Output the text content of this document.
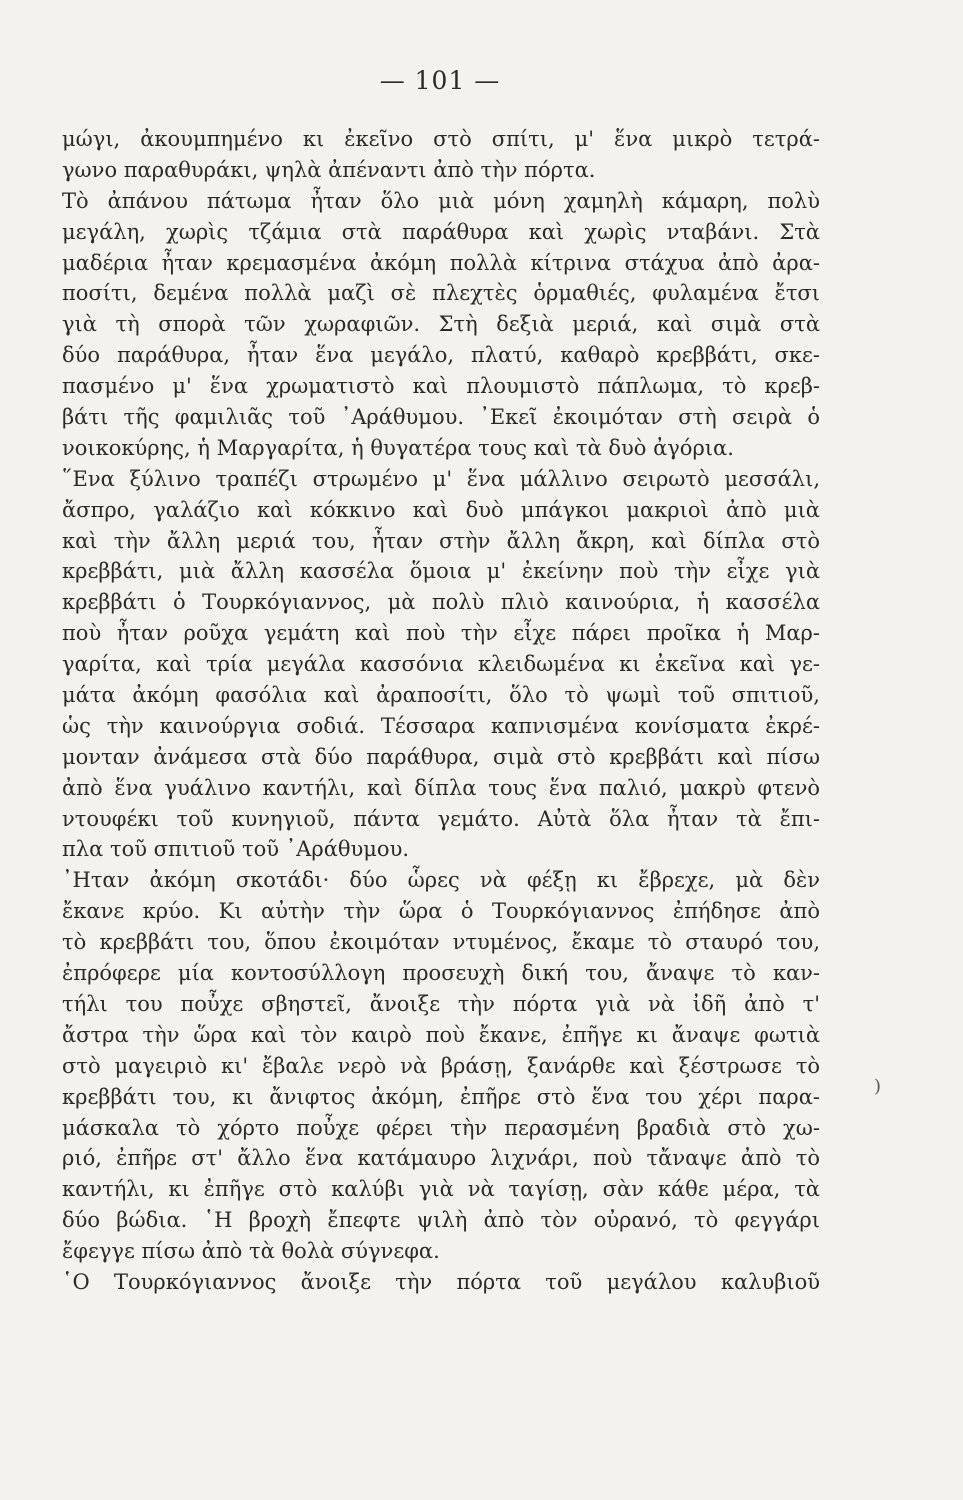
— 101 —
μώγι, ἀκουμπημένο κι ἐκεῖνο στὸ σπίτι, μ' ἕνα μικρὸ τετρά-
γωνο παραθυράκι, ψηλὰ ἀπέναντι ἀπὸ τὴν πόρτα.
Τὸ ἀπάνου πάτωμα ἦταν ὅλο μιὰ μόνη χαμηλὴ κάμαρη, πολὺ
μεγάλη, χωρὶς τζάμια στὰ παράθυρα καὶ χωρὶς νταβάνι. Στὰ
μαδέρια ἦταν κρεμασμένα ἀκόμη πολλὰ κίτρινα στάχυα ἀπὸ ἀρα-
ποσίτι, δεμένα πολλὰ μαζὶ σὲ πλεχτὲς ὁρμαθιές, φυλαμένα ἔτσι
γιὰ τὴ σπορὰ τῶν χωραφιῶν. Στὴ δεξιὰ μεριά, καὶ σιμὰ στὰ
δύο παράθυρα, ἦταν ἕνα μεγάλο, πλατύ, καθαρὸ κρεββάτι, σκε-
πασμένο μ' ἕνα χρωματιστὸ καὶ πλουμιστὸ πάπλωμα, τὸ κρεβ-
βάτι τῆς φαμιλιᾶς τοῦ ᾽Αράθυμου. ᾽Εκεῖ ἐκοιμόταν στὴ σειρὰ ὁ
νοικοκύρης, ἡ Μαργαρίτα, ἡ θυγατέρα τους καὶ τὰ δυὸ ἀγόρια.
῞Ενα ξύλινο τραπέζι στρωμένο μ' ἕνα μάλλινο σειρωτὸ μεσσάλι,
ἄσπρο, γαλάζιο καὶ κόκκινο καὶ δυὸ μπάγκοι μακριοὶ ἀπὸ μιὰ
καὶ τὴν ἄλλη μεριά του, ἦταν στὴν ἄλλη ἄκρη, καὶ δίπλα στὸ
κρεββάτι, μιὰ ἄλλη κασσέλα ὅμοια μ' ἐκείνην ποὺ τὴν εἶχε γιὰ
κρεββάτι ὁ Τουρκόγιαννος, μὰ πολὺ πλιὸ καινούρια, ἡ κασσέλα
ποὺ ἦταν ροῦχα γεμάτη καὶ ποὺ τὴν εἶχε πάρει προῖκα ἡ Μαρ-
γαρίτα, καὶ τρία μεγάλα κασσόνια κλειδωμένα κι ἐκεῖνα καὶ γε-
μάτα ἀκόμη φασόλια καὶ ἀραποσίτι, ὅλο τὸ ψωμὶ τοῦ σπιτιοῦ,
ὡς τὴν καινούργια σοδιά. Τέσσαρα καπνισμένα κονίσματα ἐκρέ-
μονταν ἀνάμεσα στὰ δύο παράθυρα, σιμὰ στὸ κρεββάτι καὶ πίσω
ἀπὸ ἕνα γυάλινο καντήλι, καὶ δίπλα τους ἕνα παλιό, μακρὺ φτενὸ
ντουφέκι τοῦ κυνηγιοῦ, πάντα γεμάτο. Αὐτὰ ὅλα ἦταν τὰ ἔπι-
πλα τοῦ σπιτιοῦ τοῦ ᾽Αράθυμου.
᾽Ηταν ἀκόμη σκοτάδι· δύο ὧρες νὰ φέξῃ κι ἔβρεχε, μὰ δὲν
ἔκανε κρύο. Κι αὐτὴν τὴν ὥρα ὁ Τουρκόγιαννος ἐπήδησε ἀπὸ
τὸ κρεββάτι του, ὅπου ἐκοιμόταν ντυμένος, ἔκαμε τὸ σταυρό του,
ἐπρόφερε μία κοντοσύλλογη προσευχὴ δική του, ἄναψε τὸ καν-
τήλι του ποὖχε σβηστεῖ, ἄνοιξε τὴν πόρτα γιὰ νὰ ἰδῆ ἀπὸ τ'
ἄστρα τὴν ὥρα καὶ τὸν καιρὸ ποὺ ἔκανε, ἐπῆγε κι ἄναψε φωτιὰ
στὸ μαγειριὸ κι' ἔβαλε νερὸ νὰ βράσῃ, ξανάρθε καὶ ξέστρωσε τὸ
κρεββάτι του, κι ἄνιφτος ἀκόμη, ἐπῆρε στὸ ἕνα του χέρι παρα-
μάσκαλα τὸ χόρτο ποὖχε φέρει τὴν περασμένη βραδιὰ στὸ χω-
ριό, ἐπῆρε στ' ἄλλο ἕνα κατάμαυρο λιχνάρι, ποὺ τἄναψε ἀπὸ τὸ
καντήλι, κι ἐπῆγε στὸ καλύβι γιὰ νὰ ταγίσῃ, σὰν κάθε μέρα, τὰ
δύο βώδια. ῾Η βροχὴ ἔπεφτε ψιλὴ ἀπὸ τὸν οὐρανό, τὸ φεγγάρι
ἔφεγγε πίσω ἀπὸ τὰ θολὰ σύγνεφα.
῾Ο Τουρκόγιαννος ἄνοιξε τὴν πόρτα τοῦ μεγάλου καλυβιοῦ
)
